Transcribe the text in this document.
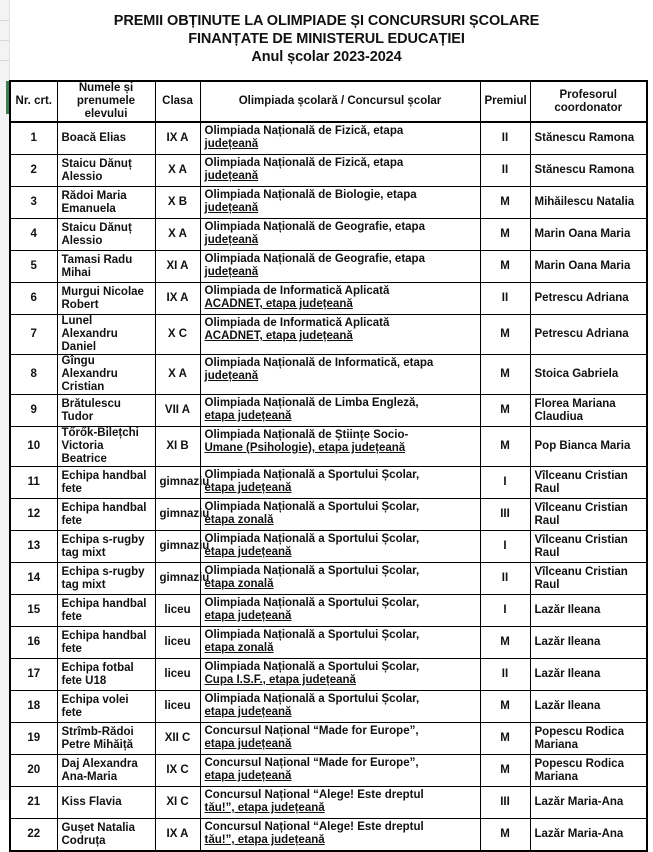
PREMII OBȚINUTE LA OLIMPIADE ȘI CONCURSURI ȘCOLARE
FINANȚATE DE MINISTERUL EDUCAȚIEI
Anul școlar 2023-2024
Nr. crt.	Numele și prenumele elevului	Clasa	Olimpiada școlară / Concursul școlar	Premiul	Profesorul coordonator
1	Boacă Elias	IX A	Olimpiada Națională de Fizică, etapa
județeană	II	Stănescu Ramona
2	Staicu Dănuț Alessio	X A	Olimpiada Națională de Fizică, etapa
județeană	II	Stănescu Ramona
3	Rădoi Maria Emanuela	X B	Olimpiada Națională de Biologie, etapa
județeană	M	Mihăilescu Natalia
4	Staicu Dănuț Alessio	X A	Olimpiada Națională de Geografie, etapa
județeană	M	Marin Oana Maria
5	Tamasi Radu Mihai	XI A	Olimpiada Națională de Geografie, etapa
județeană	M	Marin Oana Maria
6	Murgui Nicolae Robert	IX A	Olimpiada de Informatică Aplicată
ACADNET, etapa județeană	II	Petrescu Adriana
7	Lunel Alexandru Daniel	X C	Olimpiada de Informatică Aplicată
ACADNET, etapa județeană	M	Petrescu Adriana
8	Gîngu Alexandru Cristian	X A	Olimpiada Națională de Informatică, etapa
județeană	M	Stoica Gabriela
9	Brătulescu Tudor	VII A	Olimpiada Națională de Limba Engleză,
etapa județeană	M	Florea Mariana Claudiua
10	Tőrők-Bilețchi Victoria Beatrice	XI B	Olimpiada Națională de Științe Socio-
Umane (Psihologie), etapa județeană	M	Pop Bianca Maria
11	Echipa handbal fete	gimnaziu	Olimpiada Națională a Sportului Școlar,
etapa județeană	I	Vîlceanu Cristian Raul
12	Echipa handbal fete	gimnaziu	Olimpiada Națională a Sportului Școlar,
etapa zonală	III	Vîlceanu Cristian Raul
13	Echipa s-rugby tag mixt	gimnaziu	Olimpiada Națională a Sportului Școlar,
etapa județeană	I	Vîlceanu Cristian Raul
14	Echipa s-rugby tag mixt	gimnaziu	Olimpiada Națională a Sportului Școlar,
etapa zonală	II	Vîlceanu Cristian Raul
15	Echipa handbal fete	liceu	Olimpiada Națională a Sportului Școlar,
etapa județeană	I	Lazăr Ileana
16	Echipa handbal fete	liceu	Olimpiada Națională a Sportului Școlar,
etapa zonală	M	Lazăr Ileana
17	Echipa fotbal fete U18	liceu	Olimpiada Națională a Sportului Școlar,
Cupa I.S.F., etapa județeană	II	Lazăr Ileana
18	Echipa volei fete	liceu	Olimpiada Națională a Sportului Școlar,
etapa județeană	M	Lazăr Ileana
19	Strîmb-Rădoi Petre Mihăiță	XII C	Concursul Național “Made for Europe”,
etapa județeană	M	Popescu Rodica Mariana
20	Daj Alexandra Ana-Maria	IX C	Concursul Național “Made for Europe”,
etapa județeană	M	Popescu Rodica Mariana
21	Kiss Flavia	XI C	Concursul Național “Alege! Este dreptul
tău!”, etapa județeană	III	Lazăr Maria-Ana
22	Gușet Natalia Codruța	IX A	Concursul Național “Alege! Este dreptul
tău!”, etapa județeană	M	Lazăr Maria-Ana
